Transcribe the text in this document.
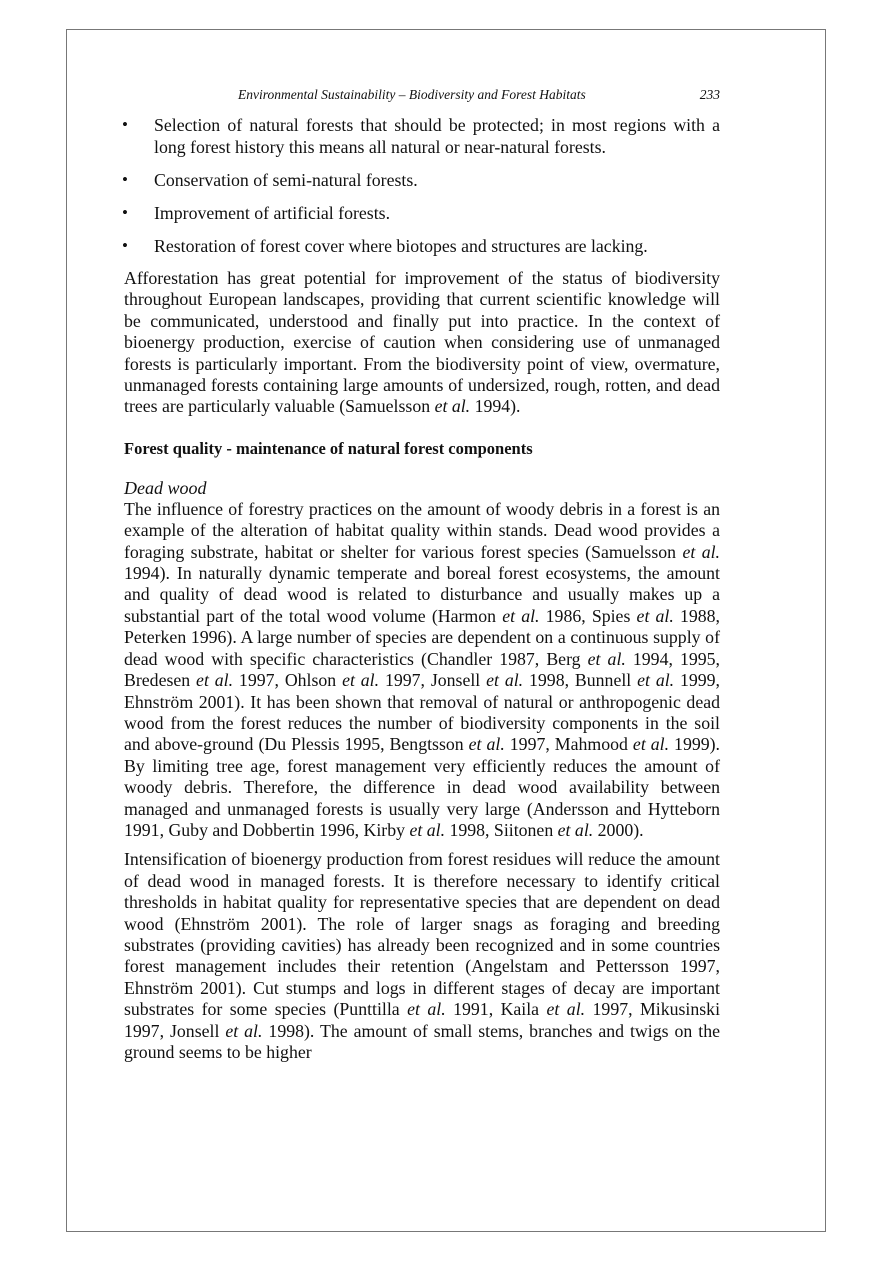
Environmental Sustainability – Biodiversity and Forest Habitats	233
• Selection of natural forests that should be protected; in most regions with a long forest history this means all natural or near-natural forests.
• Conservation of semi-natural forests.
• Improvement of artificial forests.
• Restoration of forest cover where biotopes and structures are lacking.

Afforestation has great potential for improvement of the status of biodiversity throughout European landscapes, providing that current scientific knowledge will be communicated, understood and finally put into practice. In the context of bioenergy production, exercise of caution when considering use of unmanaged forests is particularly important. From the biodiversity point of view, overmature, unmanaged forests containing large amounts of undersized, rough, rotten, and dead trees are particularly valuable (Samuelsson et al. 1994).

Forest quality - maintenance of natural forest components
Dead wood

The influence of forestry practices on the amount of woody debris in a forest is an example of the alteration of habitat quality within stands. Dead wood provides a foraging substrate, habitat or shelter for various forest species (Samuelsson et al. 1994). In naturally dynamic temperate and boreal forest ecosystems, the amount and quality of dead wood is related to disturbance and usually makes up a substantial part of the total wood volume (Harmon et al. 1986, Spies et al. 1988, Peterken 1996). A large number of species are dependent on a continuous supply of dead wood with specific characteristics (Chandler 1987, Berg et al. 1994, 1995, Bredesen et al. 1997, Ohlson et al. 1997, Jonsell et al. 1998, Bunnell et al. 1999, Ehnström 2001). It has been shown that removal of natural or anthropogenic dead wood from the forest reduces the number of biodiversity components in the soil and above-ground (Du Plessis 1995, Bengtsson et al. 1997, Mahmood et al. 1999). By limiting tree age, forest management very efficiently reduces the amount of woody debris. Therefore, the difference in dead wood availability between managed and unmanaged forests is usually very large (Andersson and Hytteborn 1991, Guby and Dobbertin 1996, Kirby et al. 1998, Siitonen et al. 2000).

Intensification of bioenergy production from forest residues will reduce the amount of dead wood in managed forests. It is therefore necessary to identify critical thresholds in habitat quality for representative species that are dependent on dead wood (Ehnström 2001). The role of larger snags as foraging and breeding substrates (providing cavities) has already been recognized and in some countries forest management includes their retention (Angelstam and Pettersson 1997, Ehnström 2001). Cut stumps and logs in different stages of decay are important substrates for some species (Punttilla et al. 1991, Kaila et al. 1997, Mikusinski 1997, Jonsell et al. 1998). The amount of small stems, branches and twigs on the ground seems to be higher
